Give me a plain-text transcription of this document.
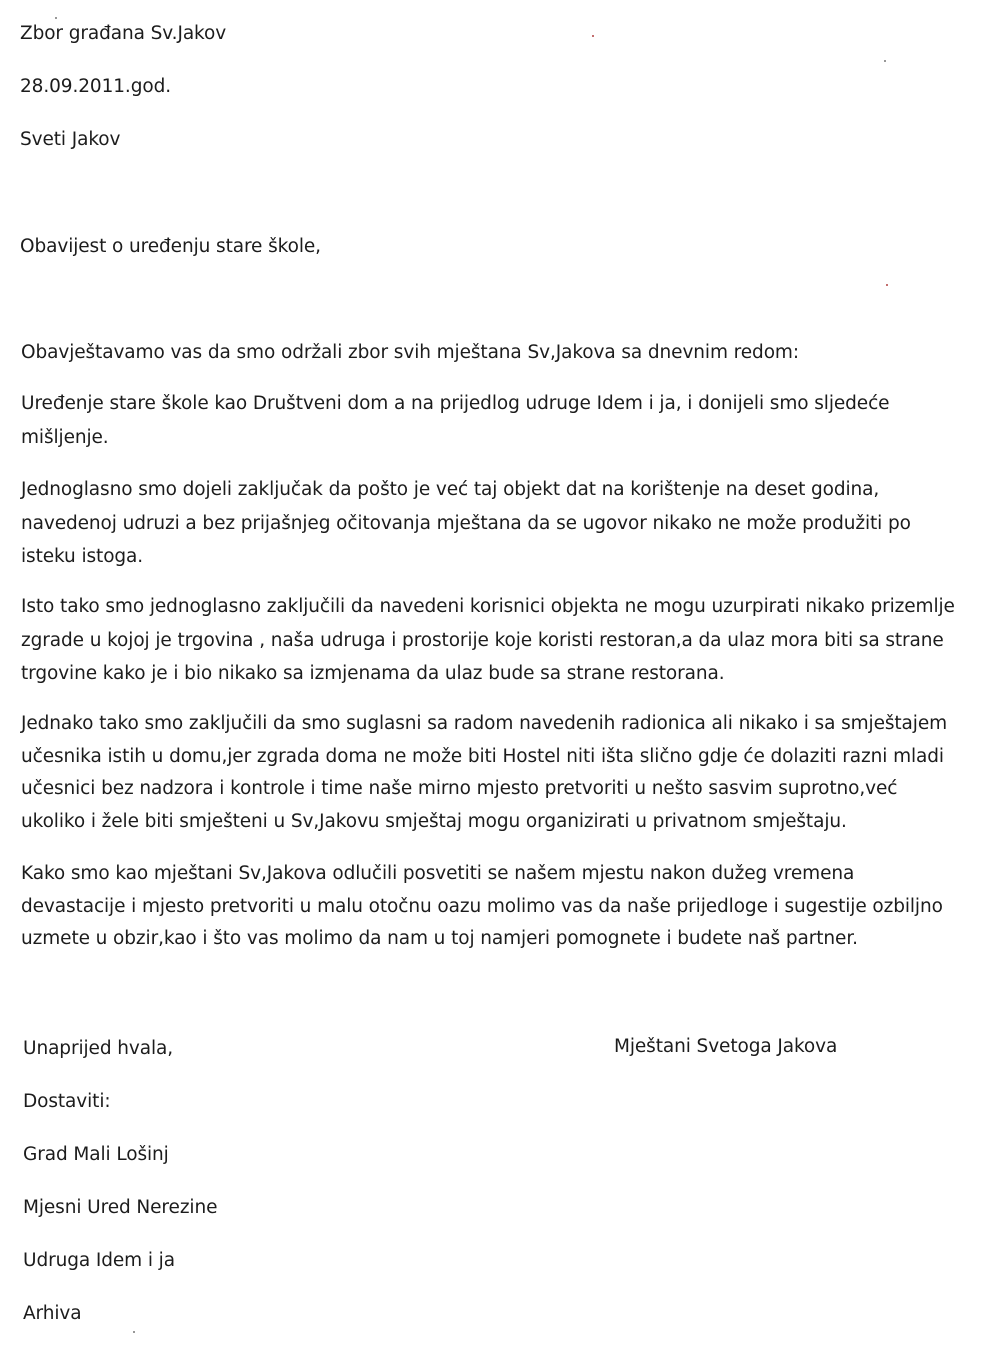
Zbor građana Sv.Jakov
28.09.2011.god.
Sveti Jakov
Obavijest o uređenju stare škole,
Obavještavamo vas da smo održali zbor svih mještana Sv,Jakova sa dnevnim redom:
Uređenje stare škole kao Društveni dom a na prijedlog udruge Idem i ja, i donijeli smo sljedeće
mišljenje.
Jednoglasno smo dojeli zaključak da pošto je već taj objekt dat na korištenje na deset godina,
navedenoj udruzi a bez prijašnjeg očitovanja mještana da se ugovor nikako ne može produžiti po
isteku istoga.
Isto tako smo jednoglasno zaključili da navedeni korisnici objekta ne mogu uzurpirati nikako prizemlje
zgrade u kojoj je trgovina , naša udruga i prostorije koje koristi restoran,a da ulaz mora biti sa strane
trgovine kako je i bio nikako sa izmjenama da ulaz bude sa strane restorana.
Jednako tako smo zaključili da smo suglasni sa radom navedenih radionica ali nikako i sa smještajem
učesnika istih u domu,jer zgrada doma ne može biti Hostel niti išta slično gdje će dolaziti razni mladi
učesnici bez nadzora i kontrole i time naše mirno mjesto pretvoriti u nešto sasvim suprotno,već
ukoliko i žele biti smješteni u Sv,Jakovu smještaj mogu organizirati u privatnom smještaju.
Kako smo kao mještani Sv,Jakova odlučili posvetiti se našem mjestu nakon dužeg vremena
devastacije i mjesto pretvoriti u malu otočnu oazu molimo vas da naše prijedloge i sugestije ozbiljno
uzmete u obzir,kao i što vas molimo da nam u toj namjeri pomognete i budete naš partner.
Unaprijed hvala,	Mještani Svetoga Jakova
Dostaviti:
Grad Mali Lošinj
Mjesni Ured Nerezine
Udruga Idem i ja
Arhiva
